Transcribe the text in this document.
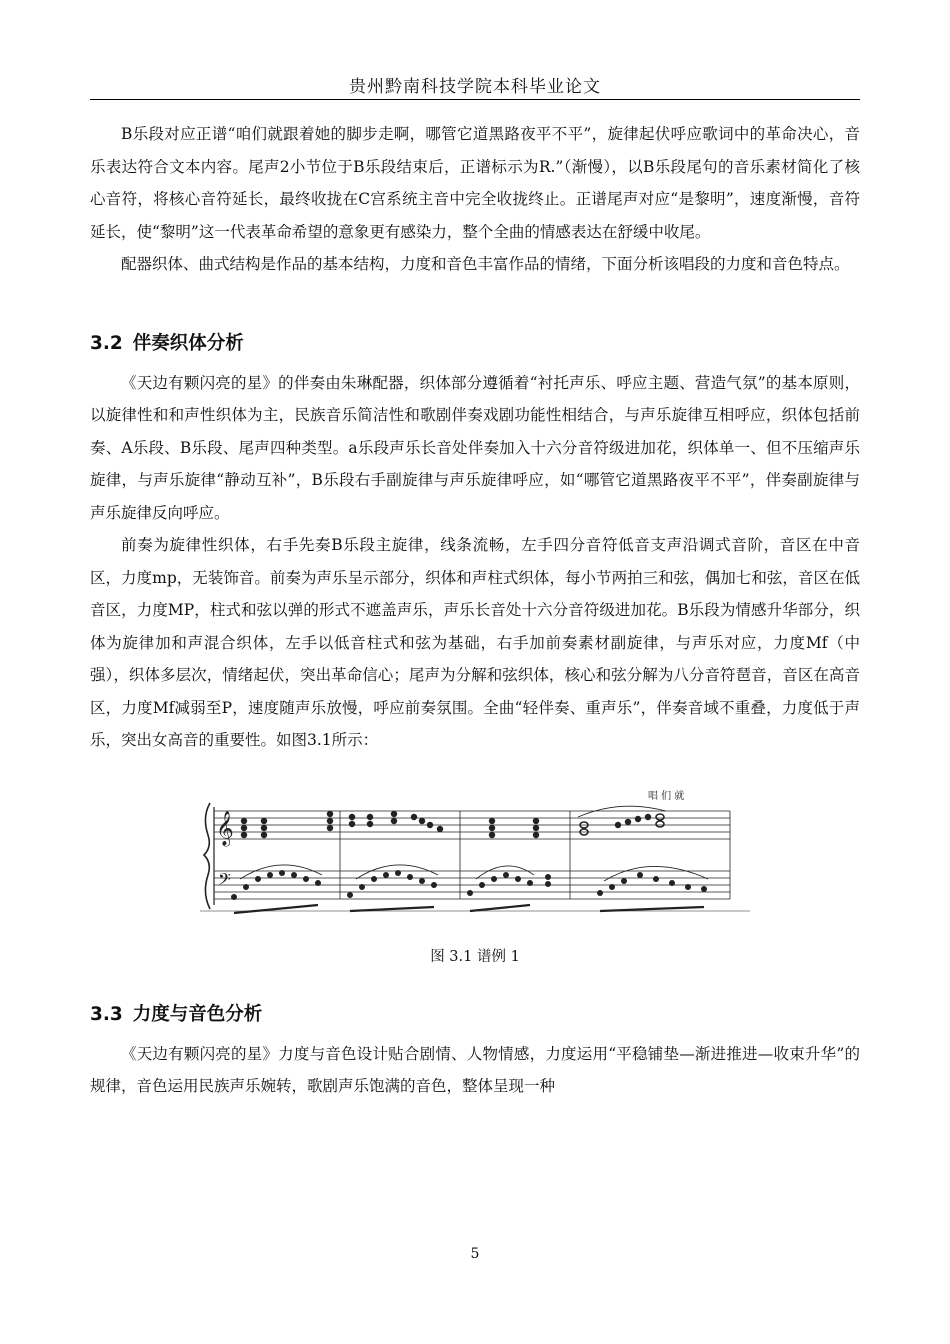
贵州黔南科技学院本科毕业论文

B乐段对应正谱“咱们就跟着她的脚步走啊，哪管它道黑路夜平不平”，旋律起伏呼应歌词中的革命决心，音乐表达符合文本内容。尾声2小节位于B乐段结束后，正谱标示为R.”（渐慢），以B乐段尾句的音乐素材简化了核心音符，将核心音符延长，最终收拢在C宫系统主音中完全收拢终止。正谱尾声对应“是黎明”，速度渐慢，音符延长，使“黎明”这一代表革命希望的意象更有感染力，整个全曲的情感表达在舒缓中收尾。

配器织体、曲式结构是作品的基本结构，力度和音色丰富作品的情绪，下面分析该唱段的力度和音色特点。

3.2 伴奏织体分析

《天边有颗闪亮的星》的伴奏由朱琳配器，织体部分遵循着“衬托声乐、呼应主题、营造气氛”的基本原则，以旋律性和和声性织体为主，民族音乐简洁性和歌剧伴奏戏剧功能性相结合，与声乐旋律互相呼应，织体包括前奏、A乐段、B乐段、尾声四种类型。a乐段声乐长音处伴奏加入十六分音符级进加花，织体单一、但不压缩声乐旋律，与声乐旋律“静动互补”，B乐段右手副旋律与声乐旋律呼应，如“哪管它道黑路夜平不平”，伴奏副旋律与声乐旋律反向呼应。

前奏为旋律性织体，右手先奏B乐段主旋律，线条流畅，左手四分音符低音支声沿调式音阶，音区在中音区，力度mp，无装饰音。前奏为声乐呈示部分，织体和声柱式织体，每小节两拍三和弦，偶加七和弦，音区在低音区，力度MP，柱式和弦以弹的形式不遮盖声乐，声乐长音处十六分音符级进加花。B乐段为情感升华部分，织体为旋律加和声混合织体，左手以低音柱式和弦为基础，右手加前奏素材副旋律，与声乐对应，力度Mf（中强），织体多层次，情绪起伏，突出革命信心；尾声为分解和弦织体，核心和弦分解为八分音符琶音，音区在高音区，力度Mf减弱至P，速度随声乐放慢，呼应前奏氛围。全曲“轻伴奏、重声乐”，伴奏音域不重叠，力度低于声乐，突出女高音的重要性。如图3.1所示：

𝄞
𝄢
唱 们 就
图 3.1 谱例 1
3.3 力度与音色分析

《天边有颗闪亮的星》力度与音色设计贴合剧情、人物情感，力度运用“平稳铺垫—渐进推进—收束升华”的规律，音色运用民族声乐婉转，歌剧声乐饱满的音色，整体呈现一种

5
